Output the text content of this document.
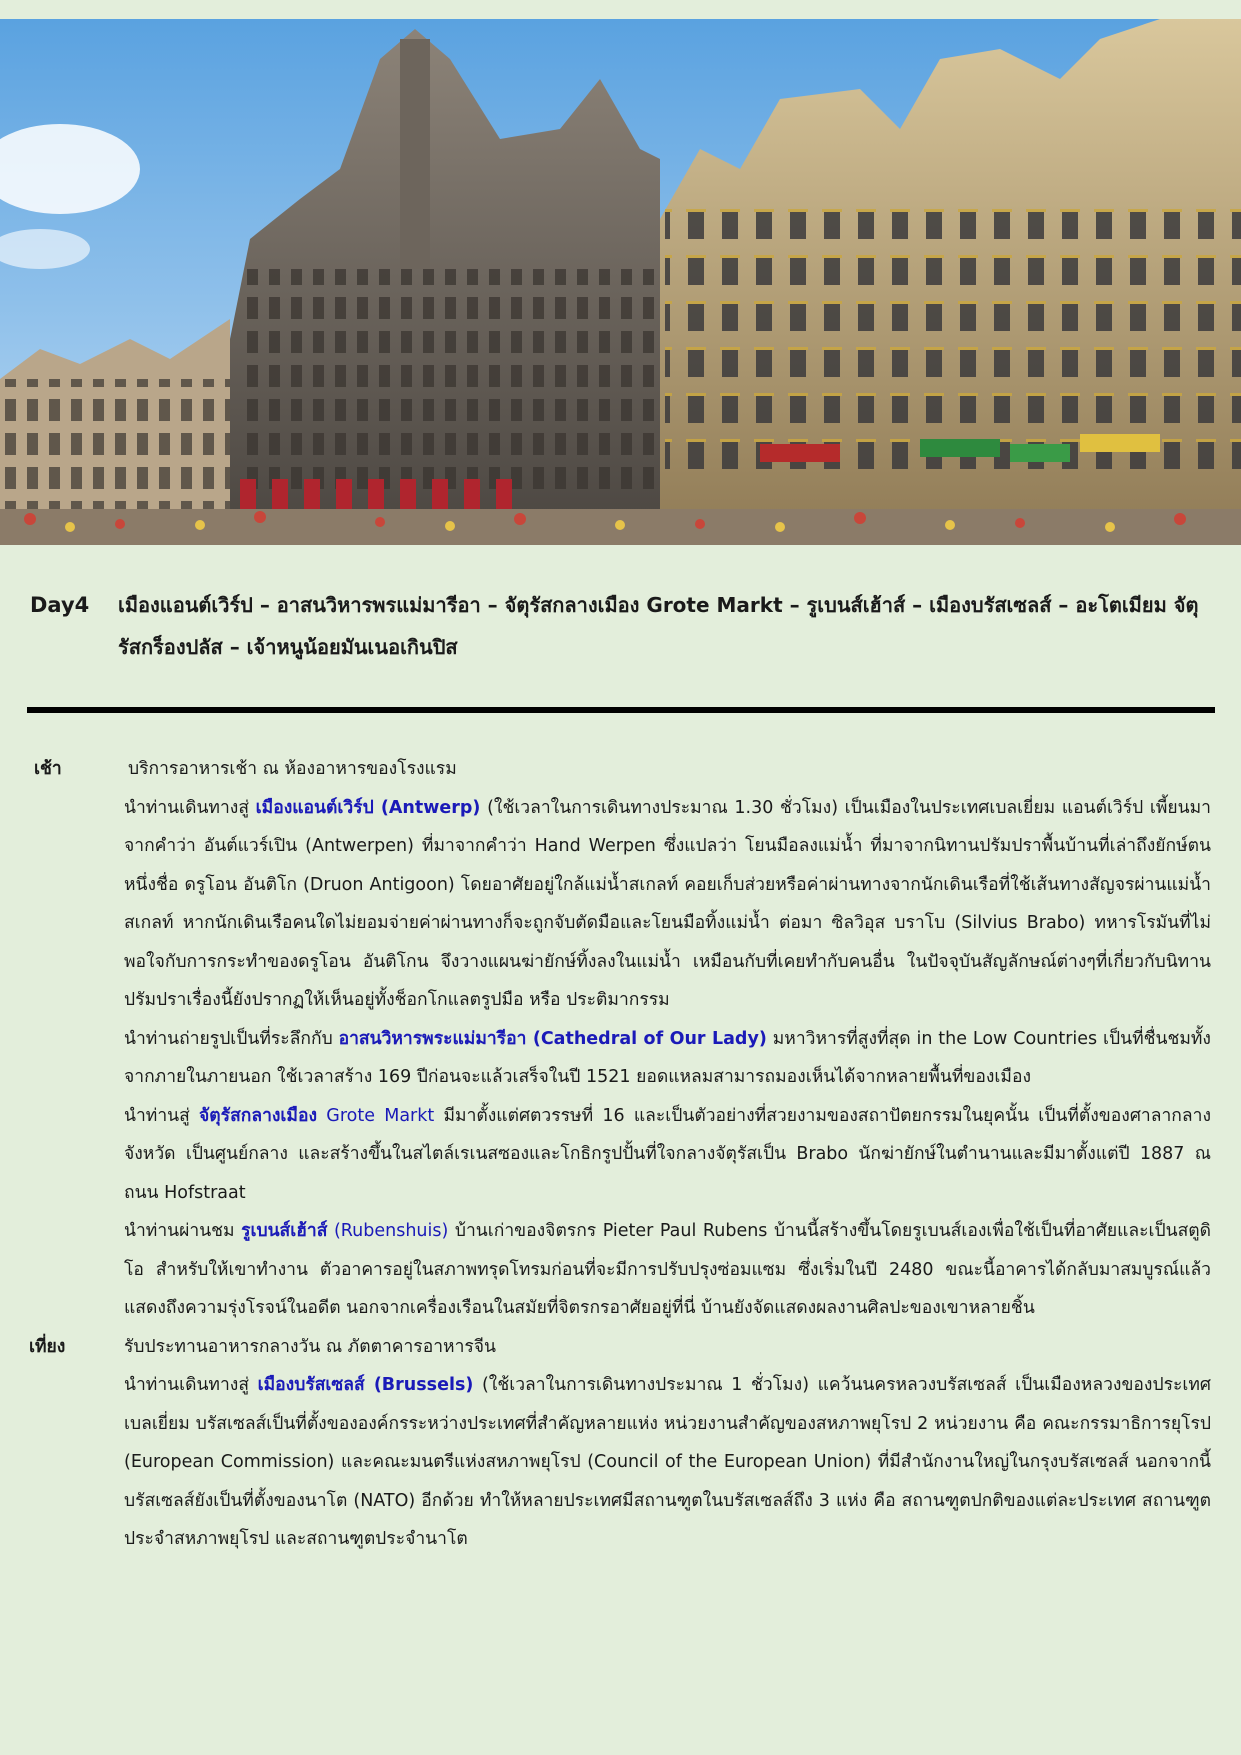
Day4 เมืองแอนต์เวิร์ป – อาสนวิหารพรแม่มารีอา – จัตุรัสกลางเมือง Grote Markt – รูเบนส์เฮ้าส์ – เมืองบรัสเซลส์ – อะโตเมียม จัตุรัสกร็องปลัส – เจ้าหนูน้อยมันเนอเกินปิส
เช้า	บริการอาหารเช้า ณ ห้องอาหารของโรงแรม
นำท่านเดินทางสู่ เมืองแอนต์เวิร์ป (Antwerp) (ใช้เวลาในการเดินทางประมาณ 1.30 ชั่วโมง) เป็นเมืองในประเทศเบลเยี่ยม แอนต์เวิร์ป เพี้ยนมาจากคำว่า อันต์แวร์เปิน (Antwerpen) ที่มาจากคำว่า Hand Werpen ซึ่งแปลว่า โยนมือลงแม่น้ำ ที่มาจากนิทานปรัมปราพื้นบ้านที่เล่าถึงยักษ์ตนหนึ่งชื่อ ดรูโอน อันติโก (Druon Antigoon) โดยอาศัยอยู่ใกล้แม่น้ำสเกลท์ คอยเก็บส่วยหรือค่าผ่านทางจากนักเดินเรือที่ใช้เส้นทางสัญจรผ่านแม่น้ำสเกลท์ หากนักเดินเรือคนใดไม่ยอมจ่ายค่าผ่านทางก็จะถูกจับตัดมือและโยนมือทิ้งแม่น้ำ ต่อมา ซิลวิอุส บราโบ (Silvius Brabo) ทหารโรมันที่ไม่พอใจกับการกระทำของดรูโอน อันติโกน จึงวางแผนฆ่ายักษ์ทิ้งลงในแม่น้ำ เหมือนกับที่เคยทำกับคนอื่น ในปัจจุบันสัญลักษณ์ต่างๆที่เกี่ยวกับนิทานปรัมปราเรื่องนี้ยังปรากฏให้เห็นอยู่ทั้งช็อกโกแลตรูปมือ หรือ ประติมากรรม
นำท่านถ่ายรูปเป็นที่ระลึกกับ อาสนวิหารพระแม่มารีอา (Cathedral of Our Lady) มหาวิหารที่สูงที่สุด in the Low Countries เป็นที่ชื่นชมทั้งจากภายในภายนอก ใช้เวลาสร้าง 169 ปีก่อนจะแล้วเสร็จในปี 1521 ยอดแหลมสามารถมองเห็นได้จากหลายพื้นที่ของเมือง
นำท่านสู่ จัตุรัสกลางเมือง Grote Markt มีมาตั้งแต่ศตวรรษที่ 16 และเป็นตัวอย่างที่สวยงามของสถาปัตยกรรมในยุคนั้น เป็นที่ตั้งของศาลากลางจังหวัด เป็นศูนย์กลาง และสร้างขึ้นในสไตล์เรเนสซองและโกธิกรูปปั้นที่ใจกลางจัตุรัสเป็น Brabo นักฆ่ายักษ์ในตำนานและมีมาตั้งแต่ปี 1887 ณ ถนน Hofstraat
นำท่านผ่านชม รูเบนส์เฮ้าส์ (Rubenshuis) บ้านเก่าของจิตรกร Pieter Paul Rubens บ้านนี้สร้างขึ้นโดยรูเบนส์เองเพื่อใช้เป็นที่อาศัยและเป็นสตูดิโอ สำหรับให้เขาทำงาน ตัวอาคารอยู่ในสภาพทรุดโทรมก่อนที่จะมีการปรับปรุงซ่อมแซม ซึ่งเริ่มในปี 2480 ขณะนี้อาคารได้กลับมาสมบูรณ์แล้ว แสดงถึงความรุ่งโรจน์ในอดีต นอกจากเครื่องเรือนในสมัยที่จิตรกรอาศัยอยู่ที่นี่ บ้านยังจัดแสดงผลงานศิลปะของเขาหลายชิ้น
เที่ยง	รับประทานอาหารกลางวัน ณ ภัตตาคารอาหารจีน
นำท่านเดินทางสู่ เมืองบรัสเซลส์ (Brussels) (ใช้เวลาในการเดินทางประมาณ 1 ชั่วโมง) แคว้นนครหลวงบรัสเซลส์ เป็นเมืองหลวงของประเทศเบลเยี่ยม บรัสเซลส์เป็นที่ตั้งขององค์กรระหว่างประเทศที่สำคัญหลายแห่ง หน่วยงานสำคัญของสหภาพยุโรป 2 หน่วยงาน คือ คณะกรรมาธิการยุโรป (European Commission) และคณะมนตรีแห่งสหภาพยุโรป (Council of the European Union) ที่มีสำนักงานใหญ่ในกรุงบรัสเซลส์ นอกจากนี้บรัสเซลส์ยังเป็นที่ตั้งของนาโต (NATO) อีกด้วย ทำให้หลายประเทศมีสถานฑูตในบรัสเซลส์ถึง 3 แห่ง คือ สถานฑูตปกติของแต่ละประเทศ สถานฑูตประจำสหภาพยุโรป และสถานฑูตประจำนาโต
